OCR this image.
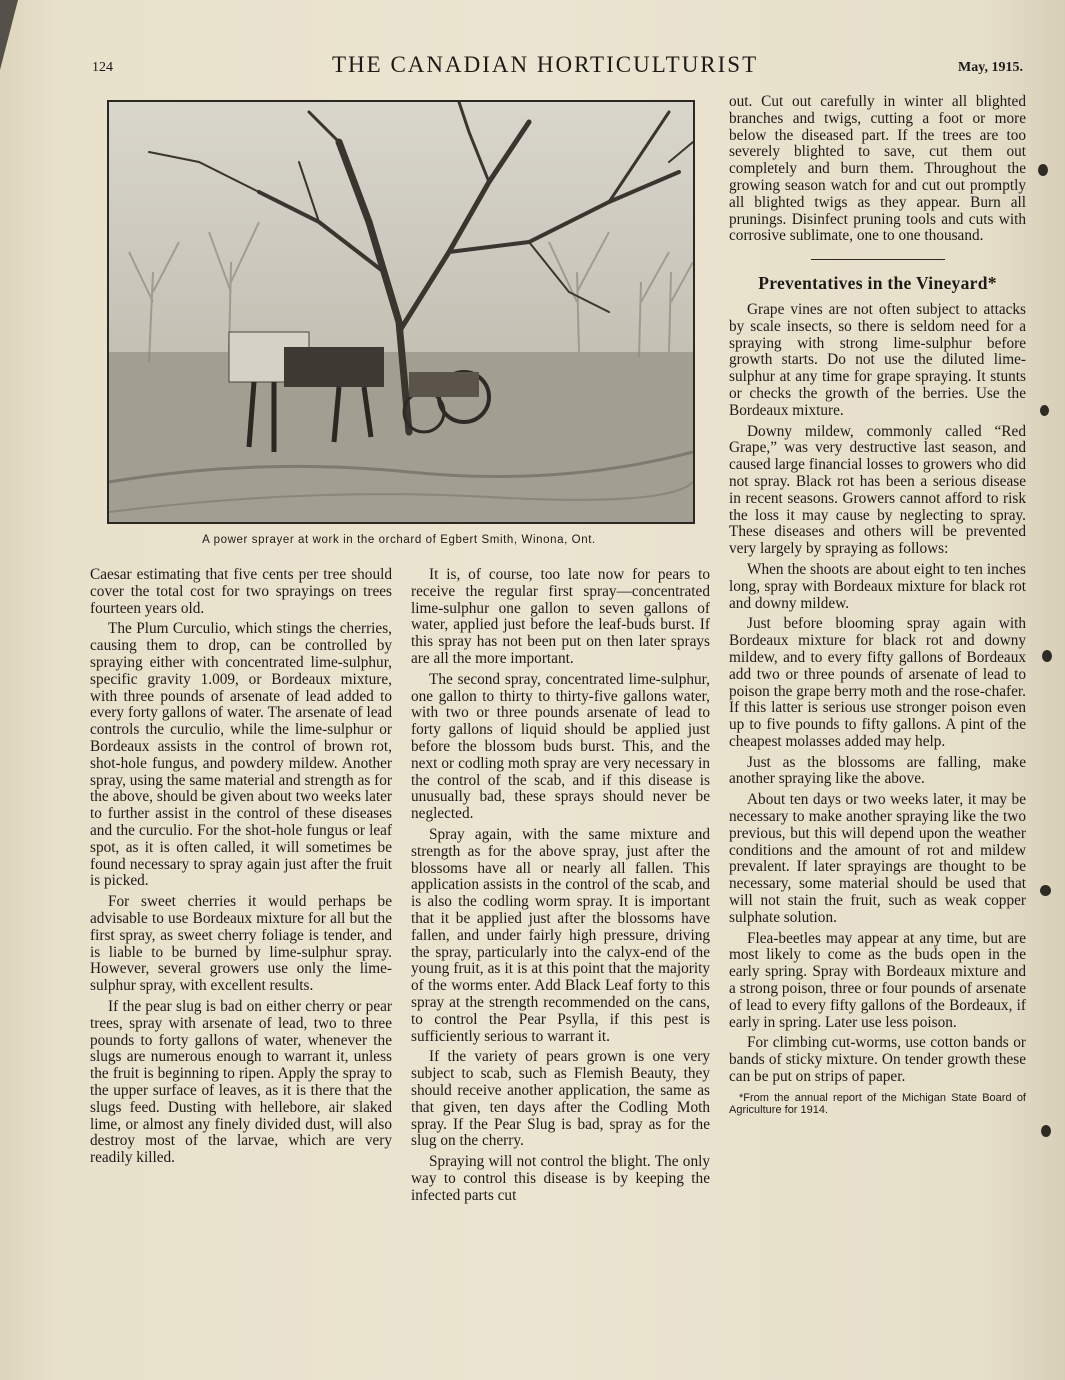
124	THE CANADIAN HORTICULTURIST	May, 1915.
A power sprayer at work in the orchard of Egbert Smith, Winona, Ont.

Caesar estimating that five cents per tree should cover the total cost for two sprayings on trees fourteen years old.

The Plum Curculio, which stings the cherries, causing them to drop, can be controlled by spraying either with concentrated lime-sulphur, specific gravity 1.009, or Bordeaux mixture, with three pounds of arsenate of lead added to every forty gallons of water. The arsenate of lead controls the curculio, while the lime-sulphur or Bordeaux assists in the control of brown rot, shot-hole fungus, and powdery mildew. Another spray, using the same material and strength as for the above, should be given about two weeks later to further assist in the control of these diseases and the curculio. For the shot-hole fungus or leaf spot, as it is often called, it will sometimes be found necessary to spray again just after the fruit is picked.

For sweet cherries it would perhaps be advisable to use Bordeaux mixture for all but the first spray, as sweet cherry foliage is tender, and is liable to be burned by lime-sulphur spray. However, several growers use only the lime-sulphur spray, with excellent results.

If the pear slug is bad on either cherry or pear trees, spray with arsenate of lead, two to three pounds to forty gallons of water, whenever the slugs are numerous enough to warrant it, unless the fruit is beginning to ripen. Apply the spray to the upper surface of leaves, as it is there that the slugs feed. Dusting with hellebore, air slaked lime, or almost any finely divided dust, will also destroy most of the larvae, which are very readily killed.

It is, of course, too late now for pears to receive the regular first spray—concentrated lime-sulphur one gallon to seven gallons of water, applied just before the leaf-buds burst. If this spray has not been put on then later sprays are all the more important.

The second spray, concentrated lime-sulphur, one gallon to thirty to thirty-five gallons water, with two or three pounds arsenate of lead to forty gallons of liquid should be applied just before the blossom buds burst. This, and the next or codling moth spray are very necessary in the control of the scab, and if this disease is unusually bad, these sprays should never be neglected.

Spray again, with the same mixture and strength as for the above spray, just after the blossoms have all or nearly all fallen. This application assists in the control of the scab, and is also the codling worm spray. It is important that it be applied just after the blossoms have fallen, and under fairly high pressure, driving the spray, particularly into the calyx-end of the young fruit, as it is at this point that the majority of the worms enter. Add Black Leaf forty to this spray at the strength recommended on the cans, to control the Pear Psylla, if this pest is sufficiently serious to warrant it.

If the variety of pears grown is one very subject to scab, such as Flemish Beauty, they should receive another application, the same as that given, ten days after the Codling Moth spray. If the Pear Slug is bad, spray as for the slug on the cherry.

Spraying will not control the blight. The only way to control this disease is by keeping the infected parts cut

out. Cut out carefully in winter all blighted branches and twigs, cutting a foot or more below the diseased part. If the trees are too severely blighted to save, cut them out completely and burn them. Throughout the growing season watch for and cut out promptly all blighted twigs as they appear. Burn all prunings. Disinfect pruning tools and cuts with corrosive sublimate, one to one thousand.

Preventatives in the Vineyard*

Grape vines are not often subject to attacks by scale insects, so there is seldom need for a spraying with strong lime-sulphur before growth starts. Do not use the diluted lime-sulphur at any time for grape spraying. It stunts or checks the growth of the berries. Use the Bordeaux mixture.

Downy mildew, commonly called “Red Grape,” was very destructive last season, and caused large financial losses to growers who did not spray. Black rot has been a serious disease in recent seasons. Growers cannot afford to risk the loss it may cause by neglecting to spray. These diseases and others will be prevented very largely by spraying as follows:

When the shoots are about eight to ten inches long, spray with Bordeaux mixture for black rot and downy mildew.

Just before blooming spray again with Bordeaux mixture for black rot and downy mildew, and to every fifty gallons of Bordeaux add two or three pounds of arsenate of lead to poison the grape berry moth and the rose-chafer. If this latter is serious use stronger poison even up to five pounds to fifty gallons. A pint of the cheapest molasses added may help.

Just as the blossoms are falling, make another spraying like the above.

About ten days or two weeks later, it may be necessary to make another spraying like the two previous, but this will depend upon the weather conditions and the amount of rot and mildew prevalent. If later sprayings are thought to be necessary, some material should be used that will not stain the fruit, such as weak copper sulphate solution.

Flea-beetles may appear at any time, but are most likely to come as the buds open in the early spring. Spray with Bordeaux mixture and a strong poison, three or four pounds of arsenate of lead to every fifty gallons of the Bordeaux, if early in spring. Later use less poison.

For climbing cut-worms, use cotton bands or bands of sticky mixture. On tender growth these can be put on strips of paper.

*From the annual report of the Michigan State Board of Agriculture for 1914.
